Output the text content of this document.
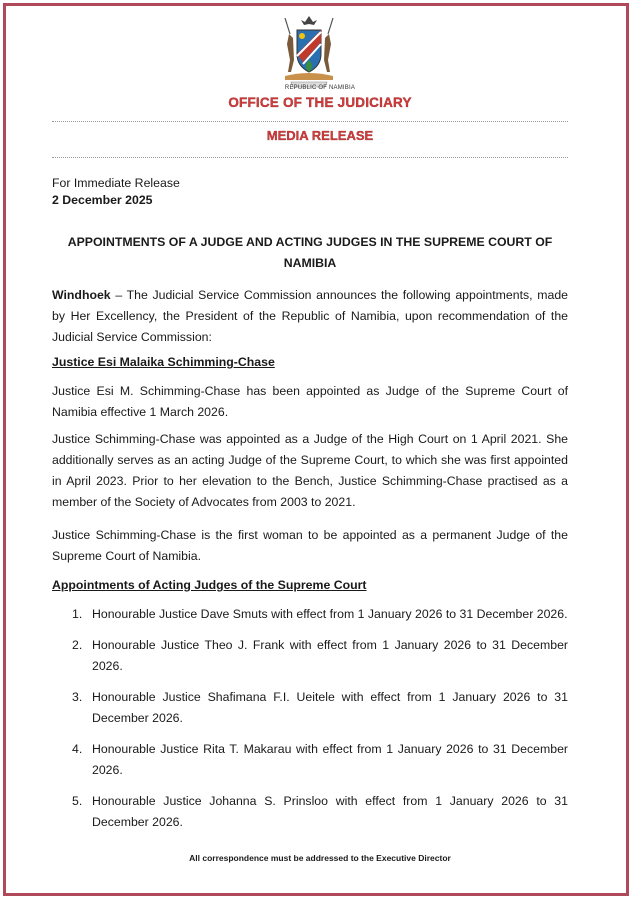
REPUBLIC OF NAMIBIA
OFFICE OF THE JUDICIARY
MEDIA RELEASE
For Immediate Release
2 December 2025
APPOINTMENTS OF A JUDGE AND ACTING JUDGES IN THE SUPREME COURT OF NAMIBIA
Windhoek – The Judicial Service Commission announces the following appointments, made by Her Excellency, the President of the Republic of Namibia, upon recommendation of the Judicial Service Commission:
Justice Esi Malaika Schimming-Chase
Justice Esi M. Schimming-Chase has been appointed as Judge of the Supreme Court of Namibia effective 1 March 2026.
Justice Schimming-Chase was appointed as a Judge of the High Court on 1 April 2021. She additionally serves as an acting Judge of the Supreme Court, to which she was first appointed in April 2023. Prior to her elevation to the Bench, Justice Schimming-Chase practised as a member of the Society of Advocates from 2003 to 2021.
Justice Schimming-Chase is the first woman to be appointed as a permanent Judge of the Supreme Court of Namibia.
Appointments of Acting Judges of the Supreme Court
1. Honourable Justice Dave Smuts with effect from 1 January 2026 to 31 December 2026.
2. Honourable Justice Theo J. Frank with effect from 1 January 2026 to 31 December 2026.
3. Honourable Justice Shafimana F.I. Ueitele with effect from 1 January 2026 to 31 December 2026.
4. Honourable Justice Rita T. Makarau with effect from 1 January 2026 to 31 December 2026.
5. Honourable Justice Johanna S. Prinsloo with effect from 1 January 2026 to 31 December 2026.
All correspondence must be addressed to the Executive Director
